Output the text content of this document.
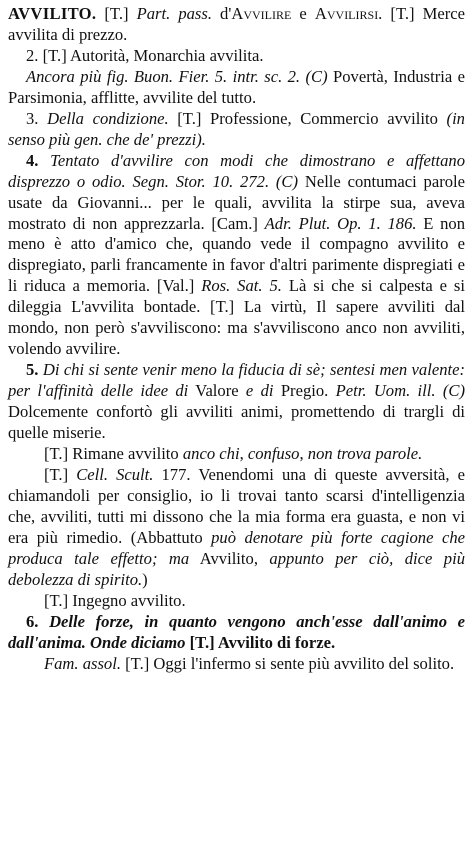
AVVILITO. [T.] Part. pass. d'Avvilire e Avvilirsi. [T.] Merce avvilita di prezzo.

2. [T.] Autorità, Monarchia avvilita.

Ancora più fig. Buon. Fier. 5. intr. sc. 2. (C) Povertà, Industria e Parsimonia, afflitte, avvilite del tutto.

3. Della condizione. [T.] Professione, Commercio avvilito (in senso più gen. che de' prezzi).

4. Tentato d'avvilire con modi che dimostrano e affettano disprezzo o odio. Segn. Stor. 10. 272. (C) Nelle contumaci parole usate da Giovanni... per le quali, avvilita la stirpe sua, aveva mostrato di non apprezzarla. [Cam.] Adr. Plut. Op. 1. 186. E non meno è atto d'amico che, quando vede il compagno avvilito e dispregiato, parli francamente in favor d'altri parimente dispregiati e li riduca a memoria. [Val.] Ros. Sat. 5. Là si che si calpesta e si dileggia L'avvilita bontade. [T.] La virtù, Il sapere avviliti dal mondo, non però s'avviliscono: ma s'avviliscono anco non avviliti, volendo avvilire.

5. Di chi si sente venir meno la fiducia di sè; sentesi men valente: per l'affinità delle idee di Valore e di Pregio. Petr. Uom. ill. (C) Dolcemente confortò gli avviliti animi, promettendo di trargli di quelle miserie.

[T.] Rimane avvilito anco chi, confuso, non trova parole.

[T.] Cell. Scult. 177. Venendomi una di queste avversità, e chiamandoli per consiglio, io li trovai tanto scarsi d'intelligenzia che, avviliti, tutti mi dissono che la mia forma era guasta, e non vi era più rimedio. (Abbattuto può denotare più forte cagione che produca tale effetto; ma Avvilito, appunto per ciò, dice più debolezza di spirito.)

[T.] Ingegno avvilito.

6. Delle forze, in quanto vengono anch'esse dall'animo e dall'anima. Onde diciamo [T.] Avvilito di forze.

Fam. assol. [T.] Oggi l'infermo si sente più avvilito del solito.
